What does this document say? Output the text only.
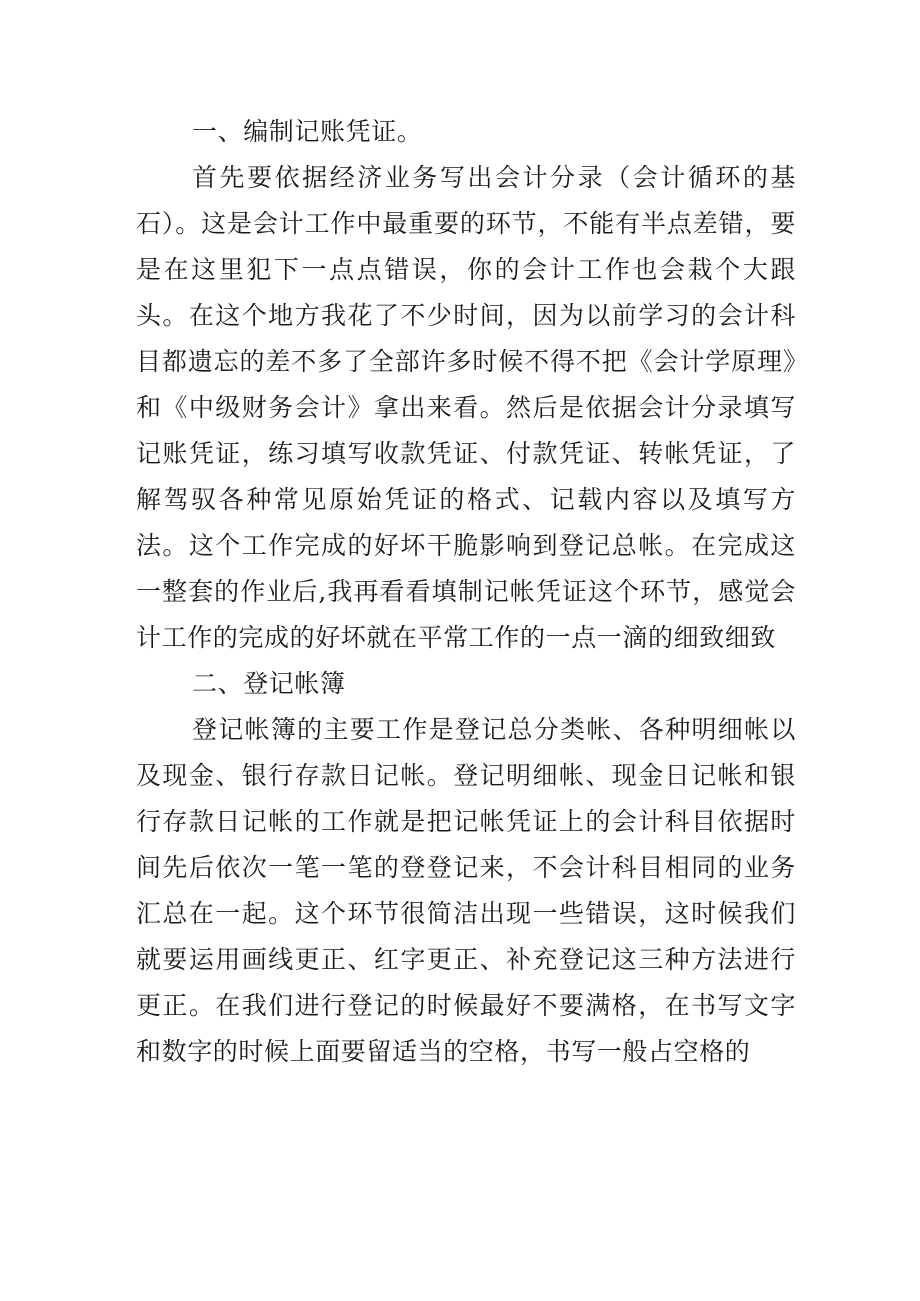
一、编制记账凭证。

首先要依据经济业务写出会计分录（会计循环的基石）。这是会计工作中最重要的环节，不能有半点差错，要是在这里犯下一点点错误，你的会计工作也会栽个大跟头。在这个地方我花了不少时间，因为以前学习的会计科目都遗忘的差不多了全部许多时候不得不把《会计学原理》和《中级财务会计》拿出来看。然后是依据会计分录填写记账凭证，练习填写收款凭证、付款凭证、转帐凭证，了解驾驭各种常见原始凭证的格式、记载内容以及填写方法。这个工作完成的好坏干脆影响到登记总帐。在完成这一整套的作业后,我再看看填制记帐凭证这个环节，感觉会计工作的完成的好坏就在平常工作的一点一滴的细致细致

二、登记帐簿

登记帐簿的主要工作是登记总分类帐、各种明细帐以及现金、银行存款日记帐。登记明细帐、现金日记帐和银行存款日记帐的工作就是把记帐凭证上的会计科目依据时间先后依次一笔一笔的登登记来，不会计科目相同的业务汇总在一起。这个环节很简洁出现一些错误，这时候我们就要运用画线更正、红字更正、补充登记这三种方法进行更正。在我们进行登记的时候最好不要满格，在书写文字和数字的时候上面要留适当的空格，书写一般占空格的
